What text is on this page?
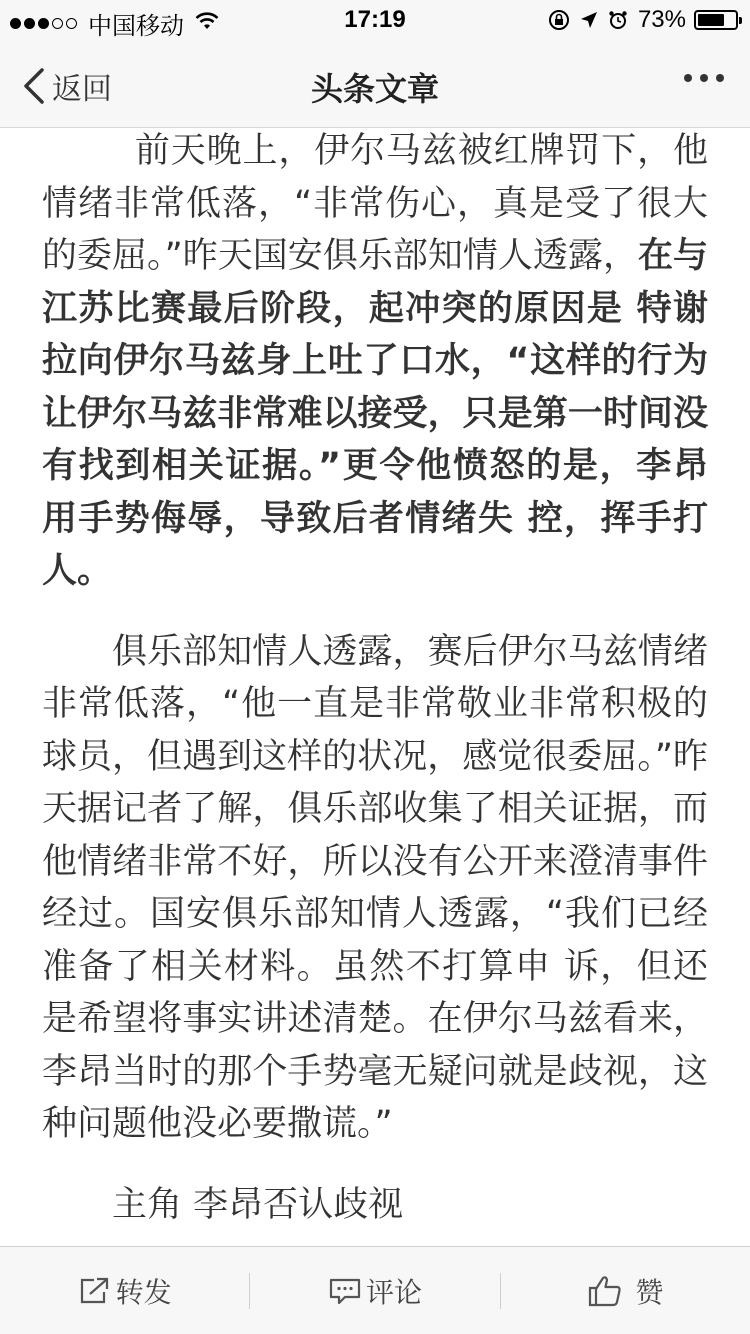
中国移动	17:19	73%
返回	头条文章

前天晚上，伊尔马兹被红牌罚下，他情绪非常低落，“非常伤心，真是受了很大的委屈。”昨天国安俱乐部知情人透露，在与江苏比赛最后阶段，起冲突的原因是 特谢拉向伊尔马兹身上吐了口水，“这样的行为让伊尔马兹非常难以接受，只是第一时间没有找到相关证据。”更令他愤怒的是，李昂用手势侮辱，导致后者情绪失 控，挥手打人。

俱乐部知情人透露，赛后伊尔马兹情绪非常低落，“他一直是非常敬业非常积极的球员，但遇到这样的状况，感觉很委屈。”昨 天据记者了解，俱乐部收集了相关证据，而他情绪非常不好，所以没有公开来澄清事件经过。国安俱乐部知情人透露，“我们已经准备了相关材料。虽然不打算申 诉，但还是希望将事实讲述清楚。在伊尔马兹看来，李昂当时的那个手势毫无疑问就是歧视，这种问题他没必要撒谎。”

主角 李昂否认歧视

转发	评论	赞
